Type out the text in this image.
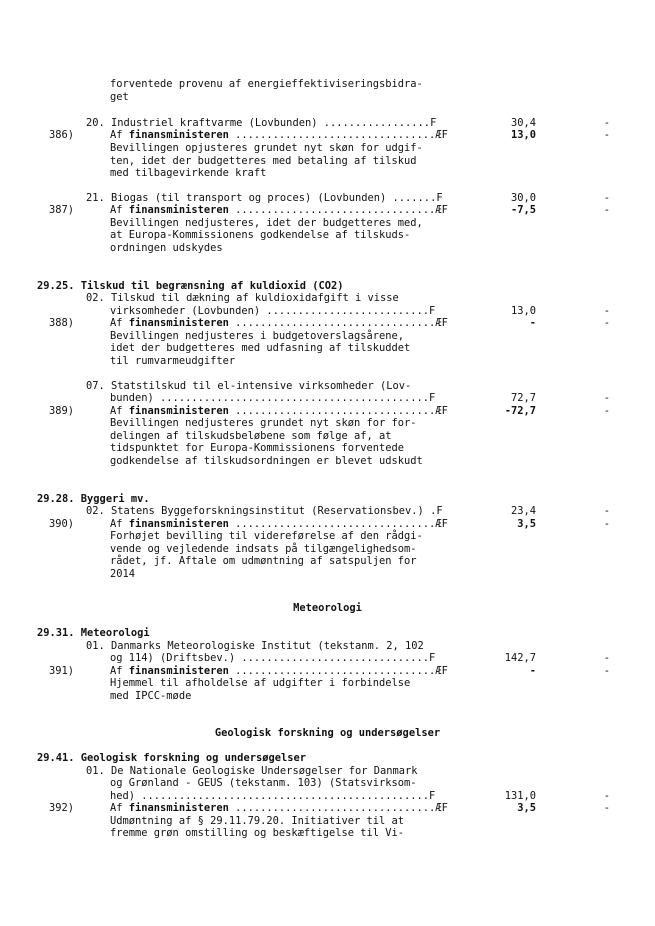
forventede provenu af energieffektiviseringsbidra-
get
20. Industriel kraftvarme (Lovbunden) .................F	30,4	-
386)	Af finansministeren ................................ÆF	13,0	-
Bevillingen opjusteres grundet nyt skøn for udgif-
ten, idet der budgetteres med betaling af tilskud
med tilbagevirkende kraft
21. Biogas (til transport og proces) (Lovbunden) .......F	30,0	-
387)	Af finansministeren ................................ÆF	-7,5	-
Bevillingen nedjusteres, idet der budgetteres med,
at Europa-Kommissionens godkendelse af tilskuds-
ordningen udskydes
29.25. Tilskud til begrænsning af kuldioxid (CO2)
02. Tilskud til dækning af kuldioxidafgift i visse
virksomheder (Lovbunden) ..........................F	13,0	-
388)	Af finansministeren ................................ÆF	-	-
Bevillingen nedjusteres i budgetoverslagsårene,
idet der budgetteres med udfasning af tilskuddet
til rumvarmeudgifter
07. Statstilskud til el-intensive virksomheder (Lov-
bunden) ...........................................F	72,7	-
389)	Af finansministeren ................................ÆF	-72,7	-
Bevillingen nedjusteres grundet nyt skøn for for-
delingen af tilskudsbeløbene som følge af, at
tidspunktet for Europa-Kommissionens forventede
godkendelse af tilskudsordningen er blevet udskudt
29.28. Byggeri mv.
02. Statens Byggeforskningsinstitut (Reservationsbev.) .F	23,4	-
390)	Af finansministeren ................................ÆF	3,5	-
Forhøjet bevilling til videreførelse af den rådgi-
vende og vejledende indsats på tilgængelighedsom-
rådet, jf. Aftale om udmøntning af satspuljen for
2014
Meteorologi
29.31. Meteorologi
01. Danmarks Meteorologiske Institut (tekstanm. 2, 102
og 114) (Driftsbev.) ..............................F	142,7	-
391)	Af finansministeren ................................ÆF	-	-
Hjemmel til afholdelse af udgifter i forbindelse
med IPCC-møde
Geologisk forskning og undersøgelser
29.41. Geologisk forskning og undersøgelser
01. De Nationale Geologiske Undersøgelser for Danmark
og Grønland - GEUS (tekstanm. 103) (Statsvirksom-
hed) ..............................................F	131,0	-
392)	Af finansministeren ................................ÆF	3,5	-
Udmøntning af § 29.11.79.20. Initiativer til at
fremme grøn omstilling og beskæftigelse til Vi-
